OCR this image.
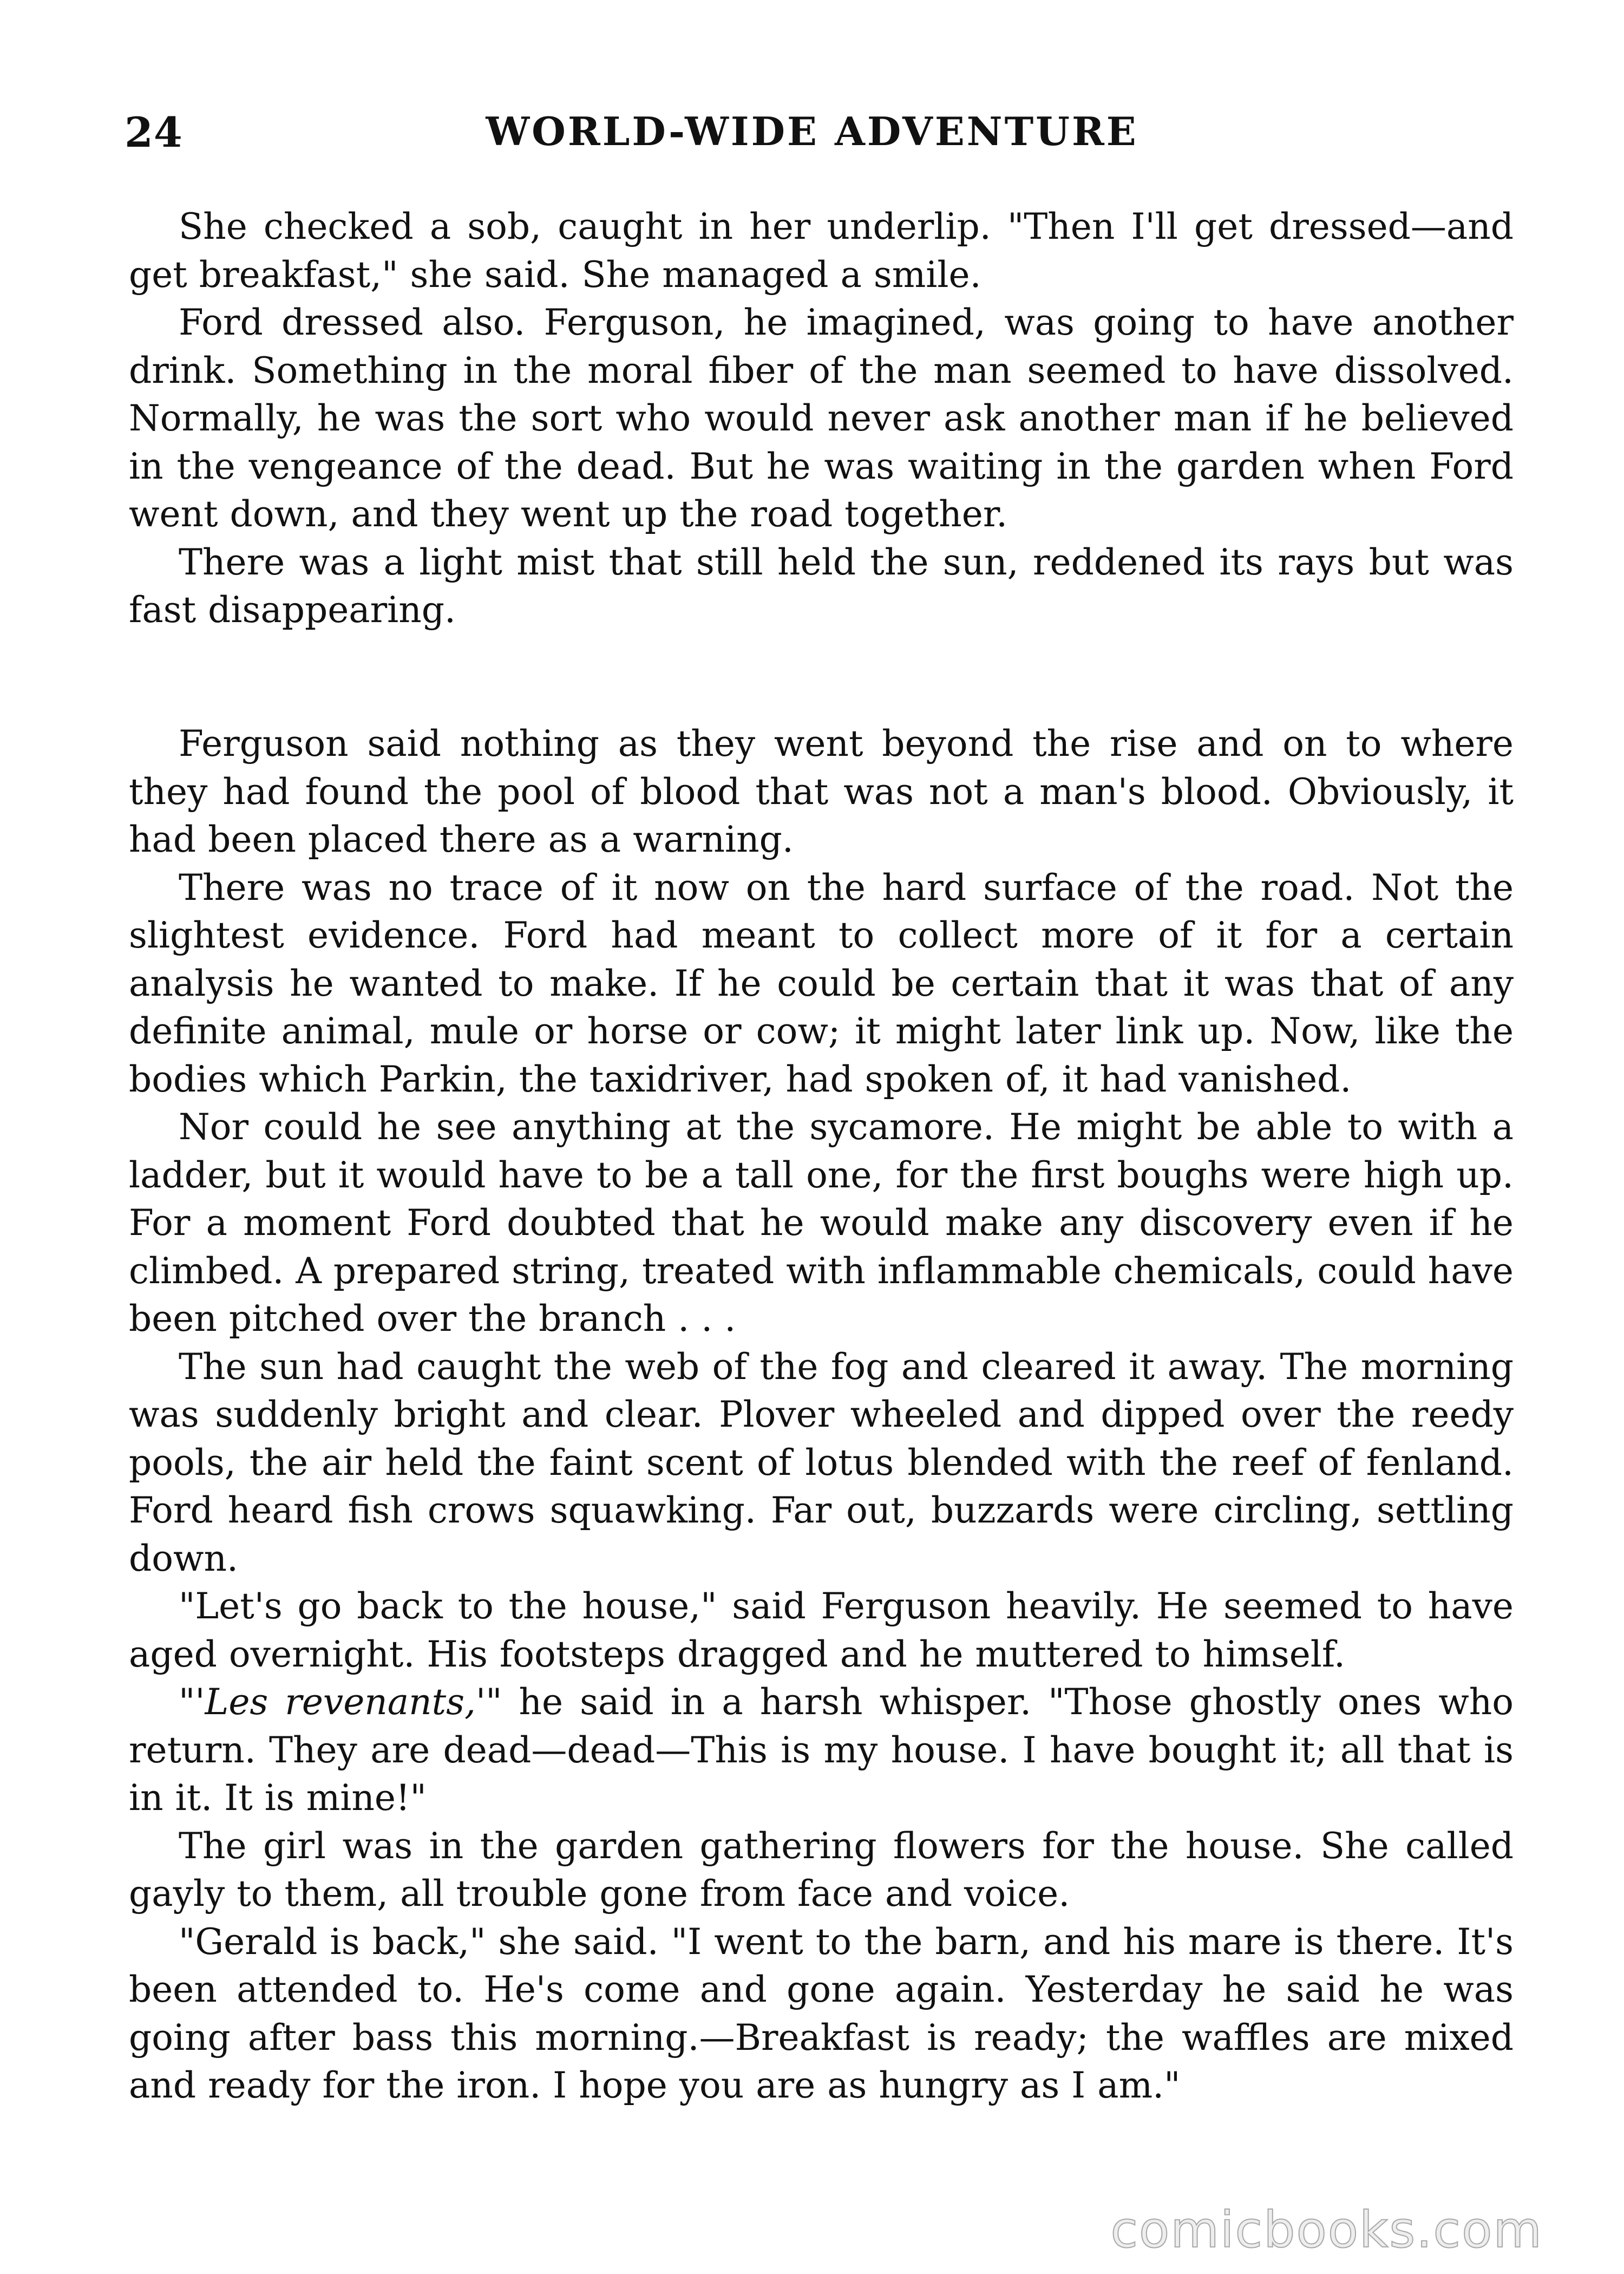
24	WORLD-WIDE ADVENTURE

She checked a sob, caught in her underlip. "Then I'll get dressed—and get breakfast," she said. She managed a smile.

Ford dressed also. Ferguson, he imagined, was going to have another drink. Something in the moral fiber of the man seemed to have dissolved. Normally, he was the sort who would never ask another man if he believed in the vengeance of the dead. But he was waiting in the garden when Ford went down, and they went up the road together.

There was a light mist that still held the sun, reddened its rays but was fast disappearing.

Ferguson said nothing as they went beyond the rise and on to where they had found the pool of blood that was not a man's blood. Obviously, it had been placed there as a warning.

There was no trace of it now on the hard surface of the road. Not the slightest evidence. Ford had meant to collect more of it for a certain analysis he wanted to make. If he could be certain that it was that of any definite animal, mule or horse or cow; it might later link up. Now, like the bodies which Parkin, the taxidriver, had spoken of, it had vanished.

Nor could he see anything at the sycamore. He might be able to with a ladder, but it would have to be a tall one, for the first boughs were high up. For a moment Ford doubted that he would make any discovery even if he climbed. A prepared string, treated with inflammable chemicals, could have been pitched over the branch . . .

The sun had caught the web of the fog and cleared it away. The morning was suddenly bright and clear. Plover wheeled and dipped over the reedy pools, the air held the faint scent of lotus blended with the reef of fenland. Ford heard fish crows squawking. Far out, buzzards were circling, settling down.

"Let's go back to the house," said Ferguson heavily. He seemed to have aged overnight. His footsteps dragged and he muttered to himself.

"'Les revenants,'" he said in a harsh whisper. "Those ghostly ones who return. They are dead—dead—This is my house. I have bought it; all that is in it. It is mine!"

The girl was in the garden gathering flowers for the house. She called gayly to them, all trouble gone from face and voice.

"Gerald is back," she said. "I went to the barn, and his mare is there. It's been attended to. He's come and gone again. Yesterday he said he was going after bass this morning.—Breakfast is ready; the waffles are mixed and ready for the iron. I hope you are as hungry as I am."

comicbooks.com
